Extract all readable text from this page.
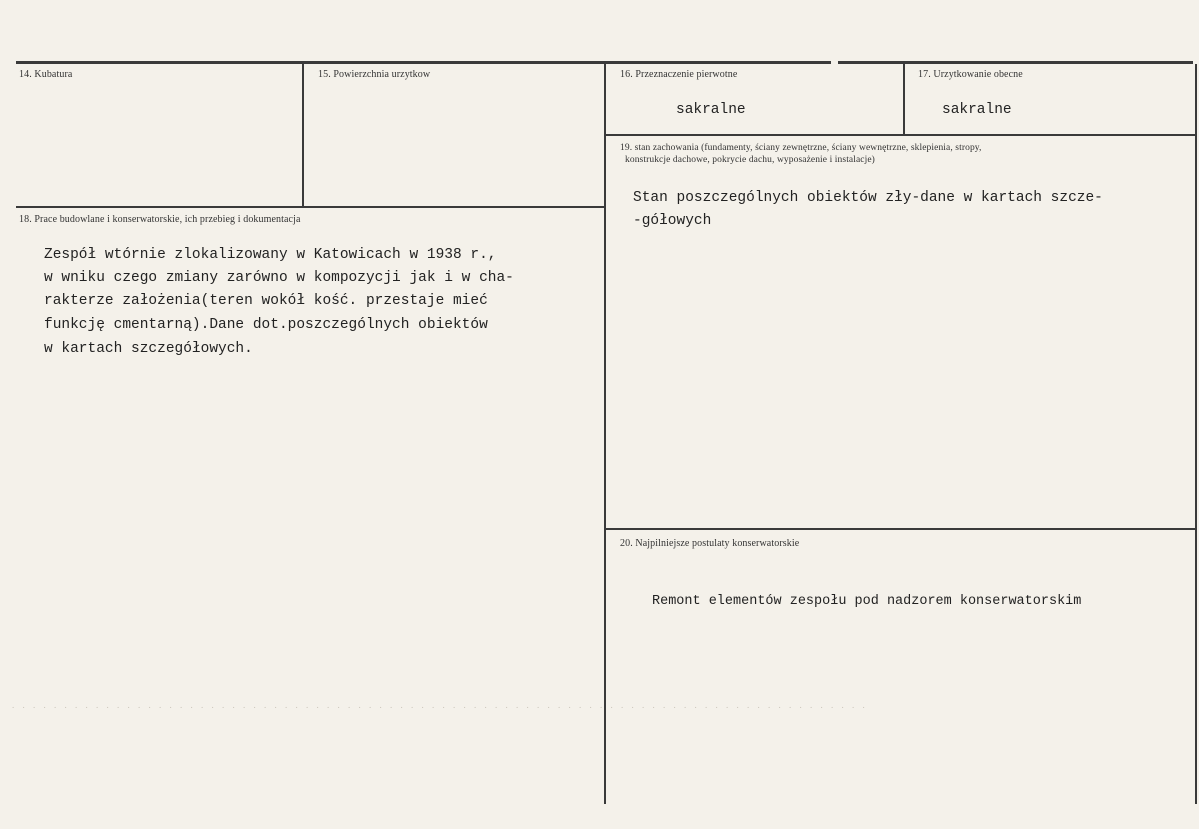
. . . . . . . . . . . . . . . . . . . . . . . . . . . . . . . . . . . . . . . . . . . . . . . . . . . . . . . . . . . . . . . . . . . . . . . . . . . . . . . . . .
14. Kubatura	15. Powierzchnia urzytkow	16. Przeznaczenie pierwotne
sakralne
17. Urzytkowanie obecne
sakralne
18. Prace budowlane i konserwatorskie, ich przebieg i dokumentacja
Zespół wtórnie zlokalizowany w Katowicach w 1938 r.,
w wniku czego zmiany zarówno w kompozycji jak i w cha-
rakterze założenia(teren wokół kość. przestaje mieć
funkcję cmentarną).Dane dot.poszczególnych obiektów
w kartach szczegółowych.
19. stan zachowania (fundamenty, ściany zewnętrzne, ściany wewnętrzne, sklepienia, stropy,
konstrukcje dachowe, pokrycie dachu, wyposażenie i instalacje)
Stan poszczególnych obiektów zły-dane w kartach szcze-
-gółowych
20. Najpilniejsze postulaty konserwatorskie
Remont elementów zespołu pod nadzorem konserwatorskim
